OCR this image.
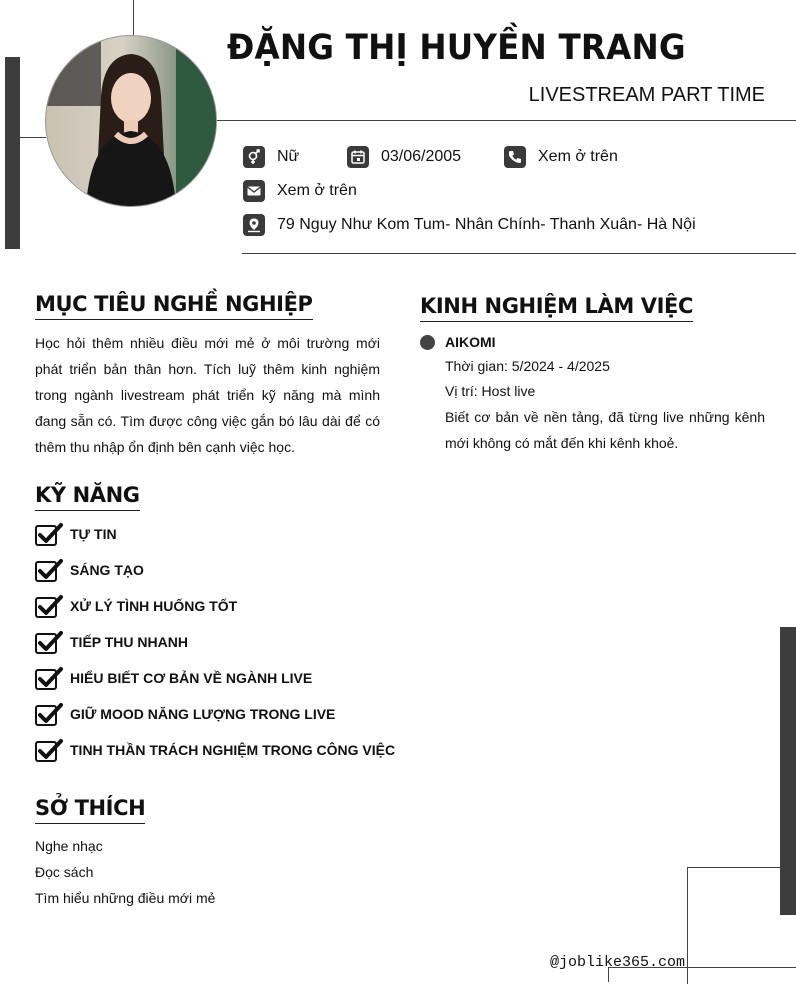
ĐẶNG THỊ HUYỀN TRANG
LIVESTREAM PART TIME
Nữ	03/06/2005	Xem ở trên
Xem ở trên
79 Nguy Như Kom Tum- Nhân Chính- Thanh Xuân- Hà Nội
MỤC TIÊU NGHỀ NGHIỆP
Học hỏi thêm nhiều điều mới mẻ ở môi trường mới phát triển bản thân hơn. Tích luỹ thêm kinh nghiệm trong ngành livestream phát triển kỹ năng mà mình đang sẵn có. Tìm được công việc gắn bó lâu dài để có thêm thu nhập ổn định bên cạnh việc học.
KỸ NĂNG
TỰ TIN
SÁNG TẠO
XỬ LÝ TÌNH HUỐNG TỐT
TIẾP THU NHANH
HIỂU BIẾT CƠ BẢN VỀ NGÀNH LIVE
GIỮ MOOD NĂNG LƯỢNG TRONG LIVE
TINH THẦN TRÁCH NGHIỆM TRONG CÔNG VIỆC
SỞ THÍCH
Nghe nhạc
Đọc sách
Tìm hiểu những điều mới mẻ
KINH NGHIỆM LÀM VIỆC
AIKOMI
Thời gian: 5/2024 - 4/2025
Vị trí: Host live
Biết cơ bản về nền tảng, đã từng live những kênh mới không có mắt đến khi kênh khoẻ.
@joblike365.com
